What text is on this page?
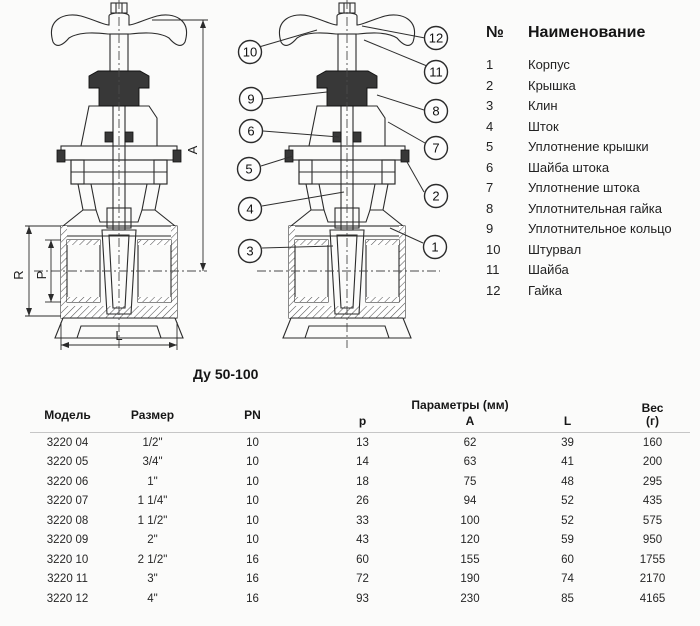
A
R P
L
10
12
11
9
8
6
7
5
2
4
3	1
№	Наименование
1	Корпус
2	Крышка
3	Клин
4	Шток
5	Уплотнение крышки
6	Шайба штока
7	Уплотнение штока
8	Уплотнительная гайка
9	Уплотнительное кольцо
10	Штурвал
11	Шайба
12	Гайка
Ду 50-100
Модель	Размер	PN	Параметры (мм)			Вес
(г)

			p	A	L	
3220 04	1/2"	10	13	62	39	160
3220 05	3/4"	10	14	63	41	200
3220 06	1"	10	18	75	48	295
3220 07	1 1/4"	10	26	94	52	435
3220 08	1 1/2"	10	33	100	52	575
3220 09	2"	10	43	120	59	950
3220 10	2 1/2"	16	60	155	60	1755
3220 11	3"	16	72	190	74	2170
3220 12	4"	16	93	230	85	4165
